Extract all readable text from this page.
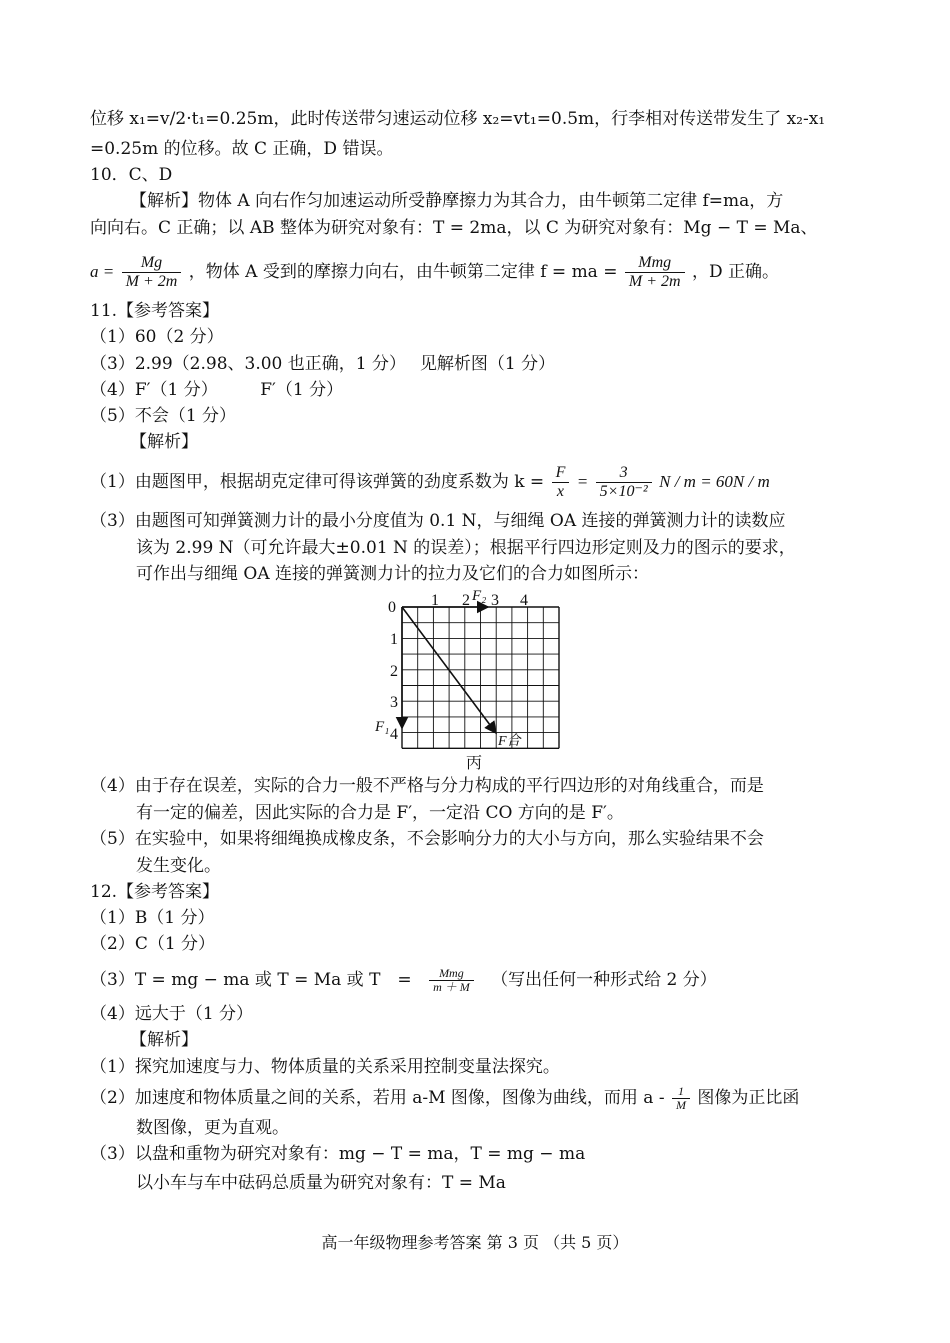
位移 x₁=v/2·t₁=0.25m，此时传送带匀速运动位移 x₂=vt₁=0.5m，行李相对传送带发生了 x₂-x₁
=0.25m 的位移。故 C 正确，D 错误。
10．C、D
【解析】物体 A 向右作匀加速运动所受静摩擦力为其合力，由牛顿第二定律 f=ma，方
向向右。C 正确；以 AB 整体为研究对象有：T = 2ma，以 C 为研究对象有：Mg − T = Ma、
$a = \frac{Mg}{M + 2m}$ ，物体 A 受到的摩擦力向右，由牛顿第二定律 f = ma = $\frac{\text{Mmg}}{M + 2m}$ ，D 正确。
11.【参考答案】
（1）60（2 分）
（3）2.99（2.98、3.00 也正确，1 分）　 见解析图（1 分）
（4）F′（1 分）　　　F′（1 分）
（5）不会（1 分）
【解析】
（1）由题图甲，根据胡克定律可得该弹簧的劲度系数为 $k = \frac{F}{x} = \frac{3}{\text{5×10⁻²}}$ N / m = 60N / m
（3）由题图可知弹簧测力计的最小分度值为 0.1 N，与细绳 OA 连接的弹簧测力计的读数应
该为 2.99 N（可允许最大±0.01 N 的误差）；根据平行四边形定则及力的图示的要求，
可作出与细绳 OA 连接的弹簧测力计的拉力及它们的合力如图所示：
0 1 2 3 4
1
2
3
4
F₁
F₂
F合
丙
（4）由于存在误差，实际的合力一般不严格与分力构成的平行四边形的对角线重合，而是
有一定的偏差，因此实际的合力是 F′，一定沿 CO 方向的是 F′。
（5）在实验中，如果将细绳换成橡皮条，不会影响分力的大小与方向，那么实验结果不会
发生变化。
12.【参考答案】
（1）B（1 分）
（2）C（1 分）
（3）T = mg − ma 或 T = Ma 或 T　= $\frac{\text{Mmg}}{m + M}$ （写出任何一种形式给 2 分）
（4）远大于（1 分）
【解析】
（1）探究加速度与力、物体质量的关系采用控制变量法探究。
（2）加速度和物体质量之间的关系，若用 a-M 图像，图像为曲线，而用 a - $\frac{1}{M}$ 图像为正比函
数图像，更为直观。
（3）以盘和重物为研究对象有：mg − T = ma，T = mg − ma
以小车与车中砝码总质量为研究对象有：T = Ma
高一年级物理参考答案 第 3 页 （共 5 页）
